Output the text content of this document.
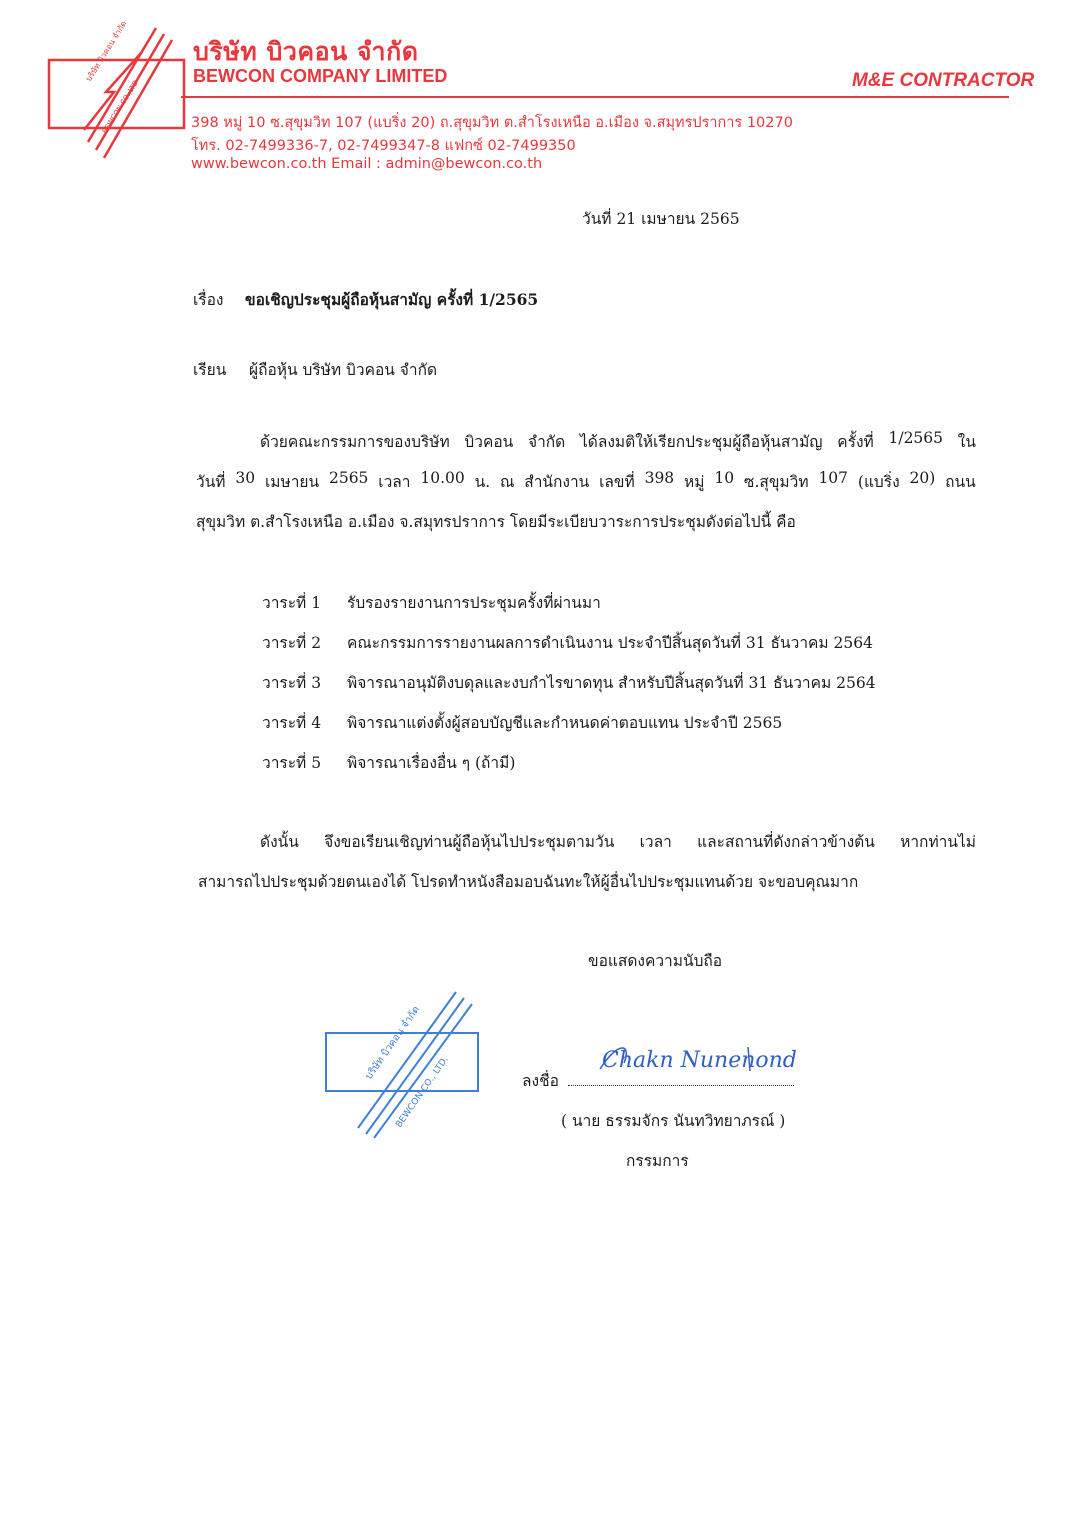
บริษัท บิวคอน จำกัด
BEWCON CO.,LTD
บริษัท บิวคอน จำกัด
BEWCON COMPANY LIMITED	M&E CONTRACTOR
398 หมู่ 10 ซ.สุขุมวิท 107 (แบริ่ง 20) ถ.สุขุมวิท ต.สำโรงเหนือ อ.เมือง จ.สมุทรปราการ 10270
โทร. 02-7499336-7, 02-7499347-8 แฟกซ์ 02-7499350
www.bewcon.co.th Email : admin@bewcon.co.th
วันที่ 21 เมษายน 2565
เรื่อง ขอเชิญประชุมผู้ถือหุ้นสามัญ ครั้งที่ 1/2565
เรียน ผู้ถือหุ้น บริษัท บิวคอน จำกัด
ด้วยคณะกรรมการของบริษัท บิวคอน จำกัด ได้ลงมติให้เรียกประชุมผู้ถือหุ้นสามัญ ครั้งที่ 1/2565 ใน
วันที่ 30 เมษายน 2565 เวลา 10.00 น. ณ สำนักงาน เลขที่ 398 หมู่ 10 ซ.สุขุมวิท 107 (แบริ่ง 20) ถนน
สุขุมวิท ต.สำโรงเหนือ อ.เมือง จ.สมุทรปราการ โดยมีระเบียบวาระการประชุมดังต่อไปนี้ คือ
วาระที่ 1 รับรองรายงานการประชุมครั้งที่ผ่านมา
วาระที่ 2 คณะกรรมการรายงานผลการดำเนินงาน ประจำปีสิ้นสุดวันที่ 31 ธันวาคม 2564
วาระที่ 3 พิจารณาอนุมัติงบดุลและงบกำไรขาดทุน สำหรับปีสิ้นสุดวันที่ 31 ธันวาคม 2564
วาระที่ 4 พิจารณาแต่งตั้งผู้สอบบัญชีและกำหนดค่าตอบแทน ประจำปี 2565
วาระที่ 5 พิจารณาเรื่องอื่น ๆ (ถ้ามี)
ดังนั้น จึงขอเรียนเชิญท่านผู้ถือหุ้นไปประชุมตามวัน เวลา และสถานที่ดังกล่าวข้างต้น หากท่านไม่
สามารถไปประชุมด้วยตนเองได้ โปรดทำหนังสือมอบฉันทะให้ผู้อื่นไปประชุมแทนด้วย จะขอบคุณมาก
ขอแสดงความนับถือ
บริษัท บิวคอน จำกัด
BEWCON CO., LTD.	ลงชื่อ
Chakn Nunenond
( นาย ธรรมจักร นันทวิทยาภรณ์ )
กรรมการ
